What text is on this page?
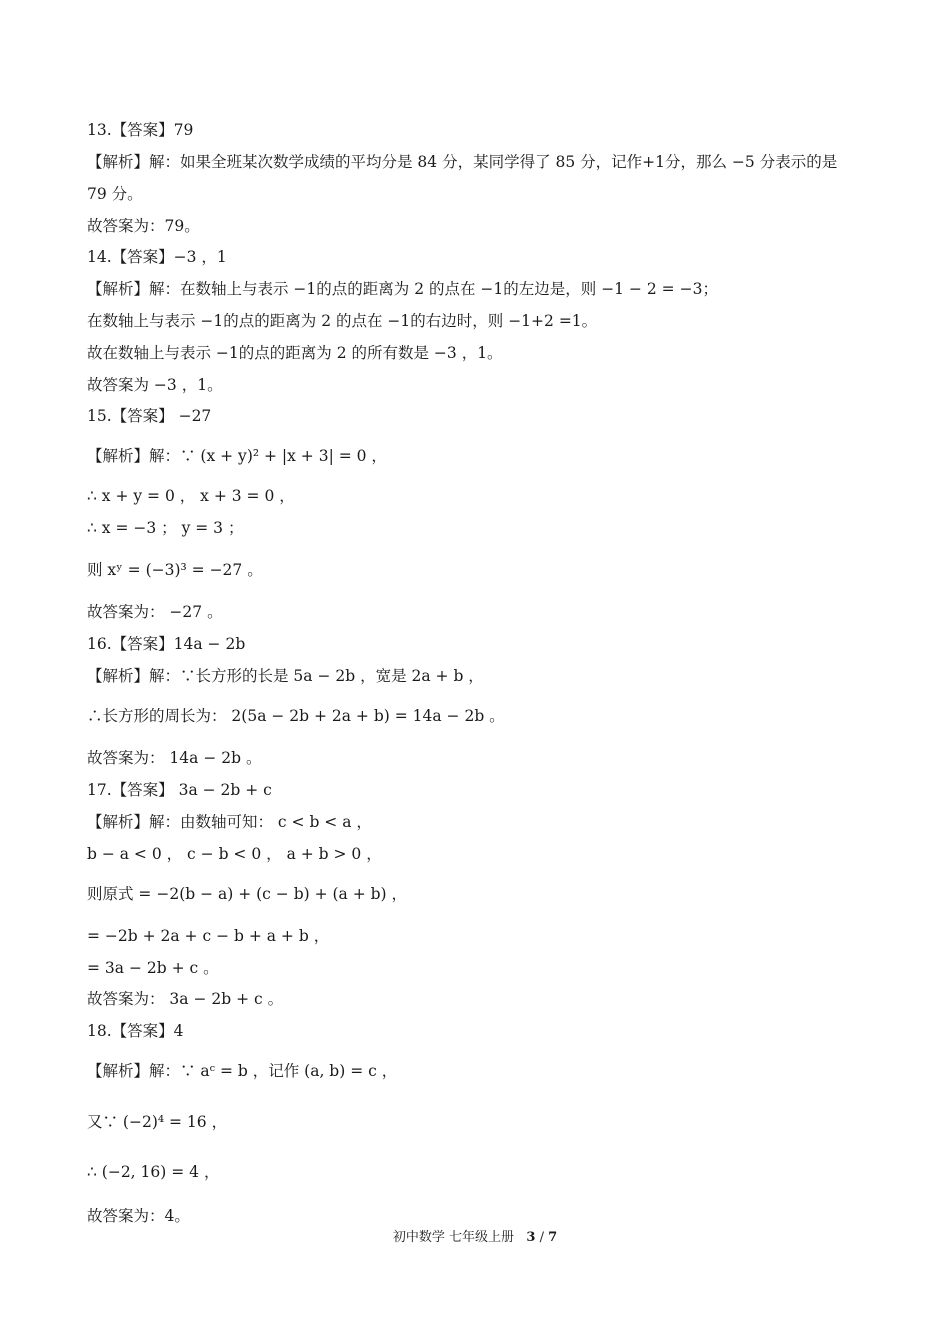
13.【答案】79
【解析】解：如果全班某次数学成绩的平均分是 84 分，某同学得了 85 分，记作+1分，那么 −5 分表示的是
79 分。
故答案为：79。
14.【答案】−3 ，1
【解析】解：在数轴上与表示 −1的点的距离为 2 的点在 −1的左边是，则 −1 − 2 = −3；
在数轴上与表示 −1的点的距离为 2 的点在 −1的右边时，则 −1+2 =1。
故在数轴上与表示 −1的点的距离为 2 的所有数是 −3 ，1。
故答案为 −3 ，1。
15.【答案】 −27
【解析】解：∵ (x + y)² + |x + 3| = 0 ，
∴ x + y = 0 ， x + 3 = 0 ，
∴ x = −3 ； y = 3 ；
则 xʸ = (−3)³ = −27 。
故答案为： −27 。
16.【答案】14a − 2b
【解析】解：∵长方形的长是 5a − 2b ，宽是 2a + b ，
∴长方形的周长为： 2(5a − 2b + 2a + b) = 14a − 2b 。
故答案为： 14a − 2b 。
17.【答案】 3a − 2b + c
【解析】解：由数轴可知： c < b < a ，
b − a < 0 ， c − b < 0 ， a + b > 0 ，
则原式 = −2(b − a) + (c − b) + (a + b) ，
= −2b + 2a + c − b + a + b ，
= 3a − 2b + c 。
故答案为： 3a − 2b + c 。
18.【答案】4
【解析】解：∵ aᶜ = b ，记作 (a, b) = c ，
又∵ (−2)⁴ = 16 ，
∴ (−2, 16) = 4 ，
故答案为：4。
初中数学 七年级上册 3 / 7
